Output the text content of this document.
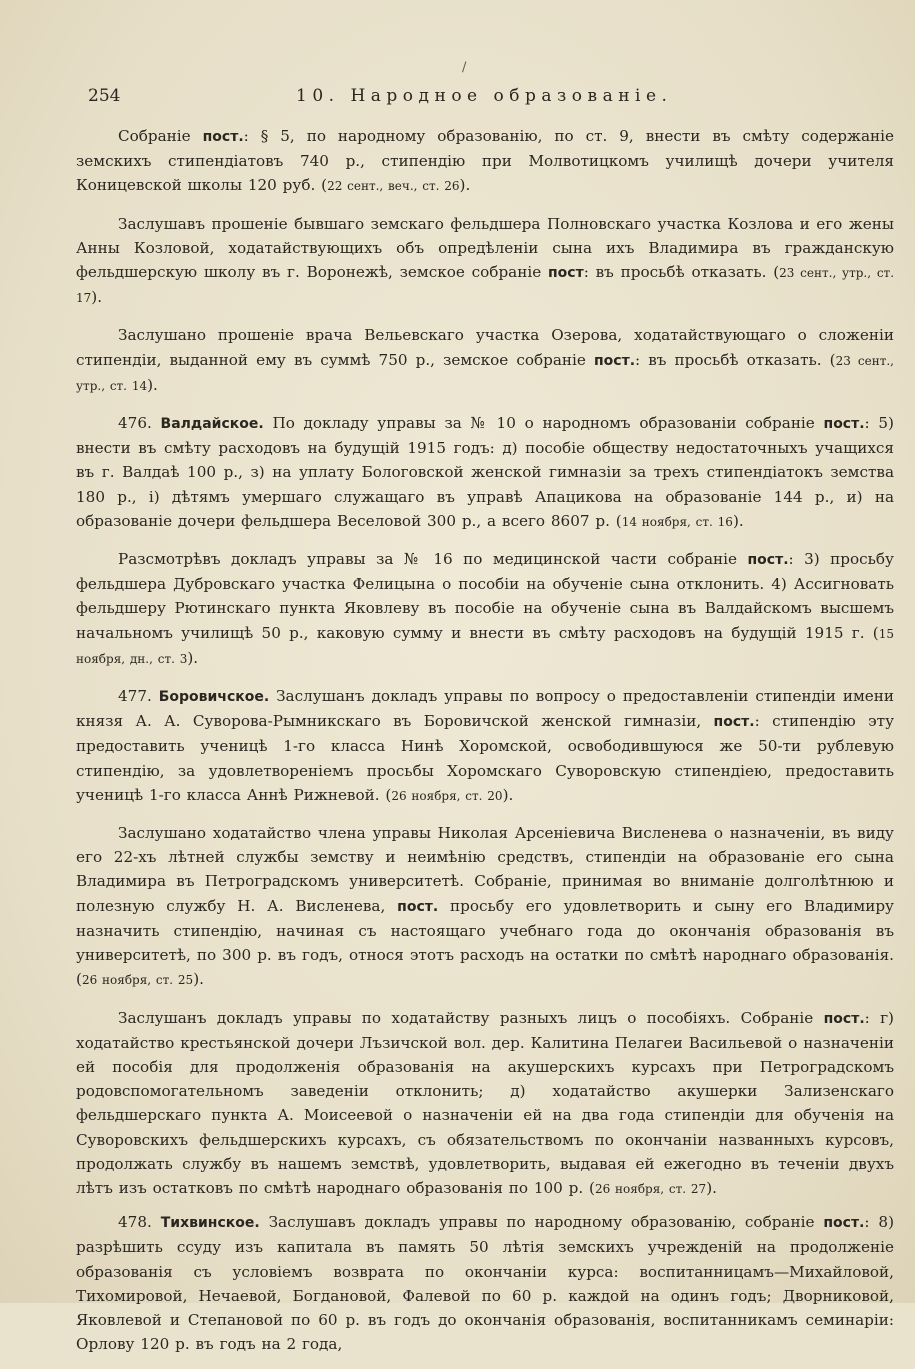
/
254	10. Народное образованіе.

Собраніе пост.: § 5, по народному образованію, по ст. 9, внести въ смѣту содержаніе земскихъ стипендіатовъ 740 р., стипендію при Молвотицкомъ училищѣ дочери учителя Коницевской школы 120 руб. (22 сент., веч., ст. 26).

Заслушавъ прошеніе бывшаго земскаго фельдшера Полновскаго участка Козлова и его жены Анны Козловой, ходатайствующихъ объ опредѣленіи сына ихъ Владимира въ гражданскую фельдшерскую школу въ г. Воронежѣ, земское собраніе пост: въ просьбѣ отказать. (23 сент., утр., ст. 17).

Заслушано прошеніе врача Вельевскаго участка Озерова, ходатайствующаго о сложеніи стипендіи, выданной ему въ суммѣ 750 р., земское собраніе пост.: въ просьбѣ отказать. (23 сент., утр., ст. 14).

476. Валдайское. По докладу управы за № 10 о народномъ образованіи собраніе пост.: 5) внести въ смѣту расходовъ на будущій 1915 годъ: д) пособіе обществу недостаточныхъ учащихся въ г. Валдаѣ 100 р., з) на уплату Бологовской женской гимназіи за трехъ стипендіатокъ земства 180 р., і) дѣтямъ умершаго служащаго въ управѣ Апацикова на образованіе 144 р., и) на образованіе дочери фельдшера Веселовой 300 р., а всего 8607 р. (14 ноября, ст. 16).

Разсмотрѣвъ докладъ управы за № 16 по медицинской части собраніе пост.: 3) просьбу фельдшера Дубровскаго участка Фелицына о пособіи на обученіе сына отклонить. 4) Ассигновать фельдшеру Рютинскаго пункта Яковлеву въ пособіе на обученіе сына въ Валдайскомъ высшемъ начальномъ училищѣ 50 р., каковую сумму и внести въ смѣту расходовъ на будущій 1915 г. (15 ноября, дн., ст. 3).

477. Боровичское. Заслушанъ докладъ управы по вопросу о предоставленіи стипендіи имени князя А. А. Суворова-Рымникскаго въ Боровичской женской гимназіи, пост.: стипендію эту предоставить ученицѣ 1-го класса Нинѣ Хоромской, освободившуюся же 50-ти рублевую стипендію, за удовлетвореніемъ просьбы Хоромскаго Суворовскую стипендіею, предоставить ученицѣ 1-го класса Аннѣ Рижневой. (26 ноября, ст. 20).

Заслушано ходатайство члена управы Николая Арсеніевича Висленева о назначеніи, въ виду его 22-хъ лѣтней службы земству и неимѣнію средствъ, стипендіи на образованіе его сына Владимира въ Петроградскомъ университетѣ. Собраніе, принимая во вниманіе долголѣтнюю и полезную службу Н. А. Висленева, пост. просьбу его удовлетворить и сыну его Владимиру назначить стипендію, начиная съ настоящаго учебнаго года до окончанія образованія въ университетѣ, по 300 р. въ годъ, относя этотъ расходъ на остатки по смѣтѣ народнаго образованія. (26 ноября, ст. 25).

Заслушанъ докладъ управы по ходатайству разныхъ лицъ о пособіяхъ. Собраніе пост.: г) ходатайство крестьянской дочери Лъзичской вол. дер. Калитина Пелагеи Васильевой о назначеніи ей пособія для продолженія образованія на акушерскихъ курсахъ при Петроградскомъ родовспомогательномъ заведеніи отклонить; д) ходатайство акушерки Зализенскаго фельдшерскаго пункта А. Моисеевой о назначеніи ей на два года стипендіи для обученія на Суворовскихъ фельдшерскихъ курсахъ, съ обязательствомъ по окончаніи названныхъ курсовъ, продолжать службу въ нашемъ земствѣ, удовлетворить, выдавая ей ежегодно въ теченіи двухъ лѣтъ изъ остатковъ по смѣтѣ народнаго образованія по 100 р. (26 ноября, ст. 27).

478. Тихвинское. Заслушавъ докладъ управы по народному образованію, собраніе пост.: 8) разрѣшить ссуду изъ капитала въ память 50 лѣтія земскихъ учрежденій на продолженіе образованія съ условіемъ возврата по окончаніи курса: воспитанницамъ—Михайловой, Тихомировой, Нечаевой, Богдановой, Фалевой по 60 р. каждой на одинъ годъ; Дворниковой, Яковлевой и Степановой по 60 р. въ годъ до окончанія образованія, воспитанникамъ семинаріи: Орлову 120 р. въ годъ на 2 года,
